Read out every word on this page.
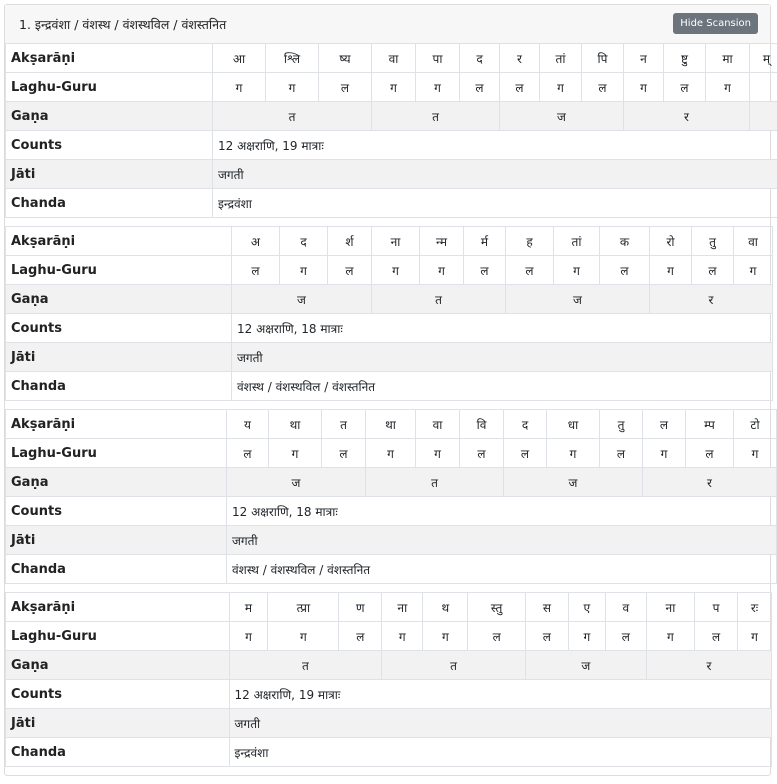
1. इन्द्रवंशा / वंशस्थ / वंशस्थविल / वंशस्तनित	Hide Scansion
Akṣarāṇi	आ	श्लि	ष्य	वा	पा	द	र	तां	पि	न	ष्टु	मा	म्
Laghu-Guru	ग	ग	ल	ग	ग	ल	ल	ग	ल	ग	ल	ग	
Gaṇa	त			त			ज			र			
Counts	12 अक्षराणि, 19 मात्राः												
Jāti	जगती												
Chanda	इन्द्रवंशा												
Akṣarāṇi	अ	द	र्श	ना	न्म	र्म	ह	तां	क	रो	तु	वा
Laghu-Guru	ल	ग	ल	ग	ग	ल	ल	ग	ल	ग	ल	ग
Gaṇa	ज			त			ज			र		
Counts	12 अक्षराणि, 18 मात्राः											
Jāti	जगती											
Chanda	वंशस्थ / वंशस्थविल / वंशस्तनित											
Akṣarāṇi	य	था	त	था	वा	वि	द	धा	तु	ल	म्प	टो
Laghu-Guru	ल	ग	ल	ग	ग	ल	ल	ग	ल	ग	ल	ग
Gaṇa	ज			त			ज			र		
Counts	12 अक्षराणि, 18 मात्राः											
Jāti	जगती											
Chanda	वंशस्थ / वंशस्थविल / वंशस्तनित											
Akṣarāṇi	म	त्प्रा	ण	ना	थ	स्तु	स	ए	व	ना	प	रः
Laghu-Guru	ग	ग	ल	ग	ग	ल	ल	ग	ल	ग	ल	ग
Gaṇa	त			त			ज			र		
Counts	12 अक्षराणि, 19 मात्राः											
Jāti	जगती											
Chanda	इन्द्रवंशा											
